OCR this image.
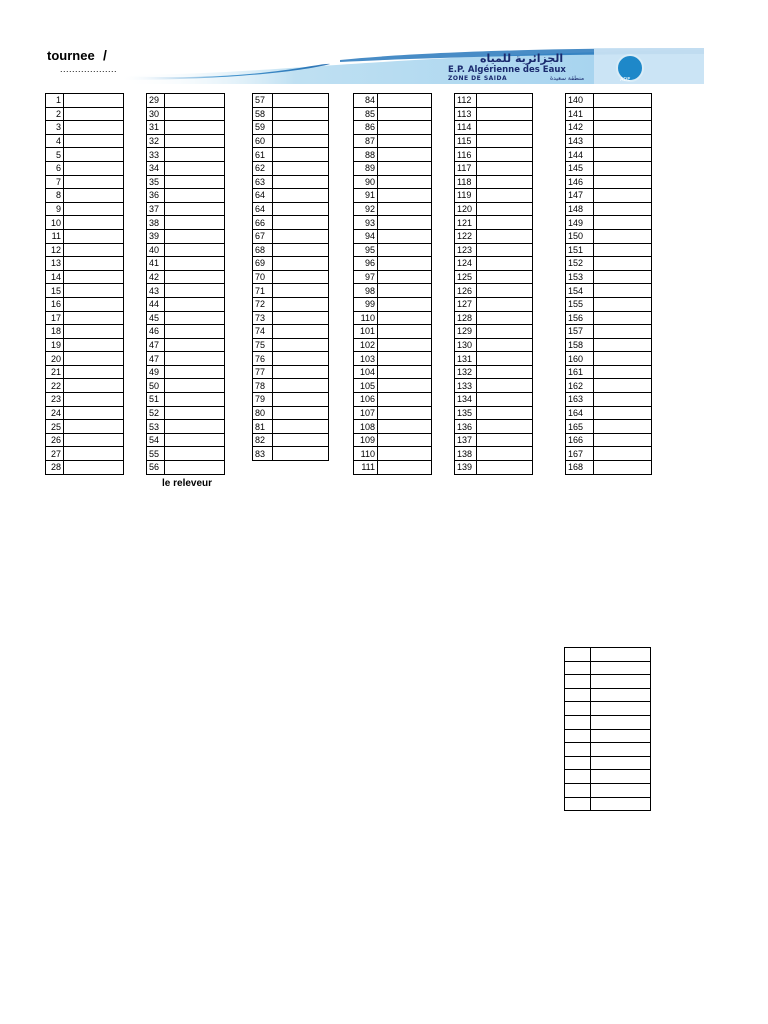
tournee /
...................
الجزائرية للمياه
E.P. Algérienne des Eaux
ZONE DE SAIDA	منطقة سعيدة	ADE
1	
2	
3	
4	
5	
6	
7	
8	
9	
10	
11	
12	
13	
14	
15	
16	
17	
18	
19	
20	
21	
22	
23	
24	
25	
26	
27	
28	
29	
30	
31	
32	
33	
34	
35	
36	
37	
38	
39	
40	
41	
42	
43	
44	
45	
46	
47	
47	
49	
50	
51	
52	
53	
54	
55	
56	
57	
58	
59	
60	
61	
62	
63	
64	
64	
66	
67	
68	
69	
70	
71	
72	
73	
74	
75	
76	
77	
78	
79	
80	
81	
82	
83	
84	
85	
86	
87	
88	
89	
90	
91	
92	
93	
94	
95	
96	
97	
98	
99	
110	
101	
102	
103	
104	
105	
106	
107	
108	
109	
110	
111	
112	
113	
114	
115	
116	
117	
118	
119	
120	
121	
122	
123	
124	
125	
126	
127	
128	
129	
130	
131	
132	
133	
134	
135	
136	
137	
138	
139	
140	
141	
142	
143	
144	
145	
146	
147	
148	
149	
150	
151	
152	
153	
154	
155	
156	
157	
158	
160	
161	
162	
163	
164	
165	
166	
167	
168	
le releveur
